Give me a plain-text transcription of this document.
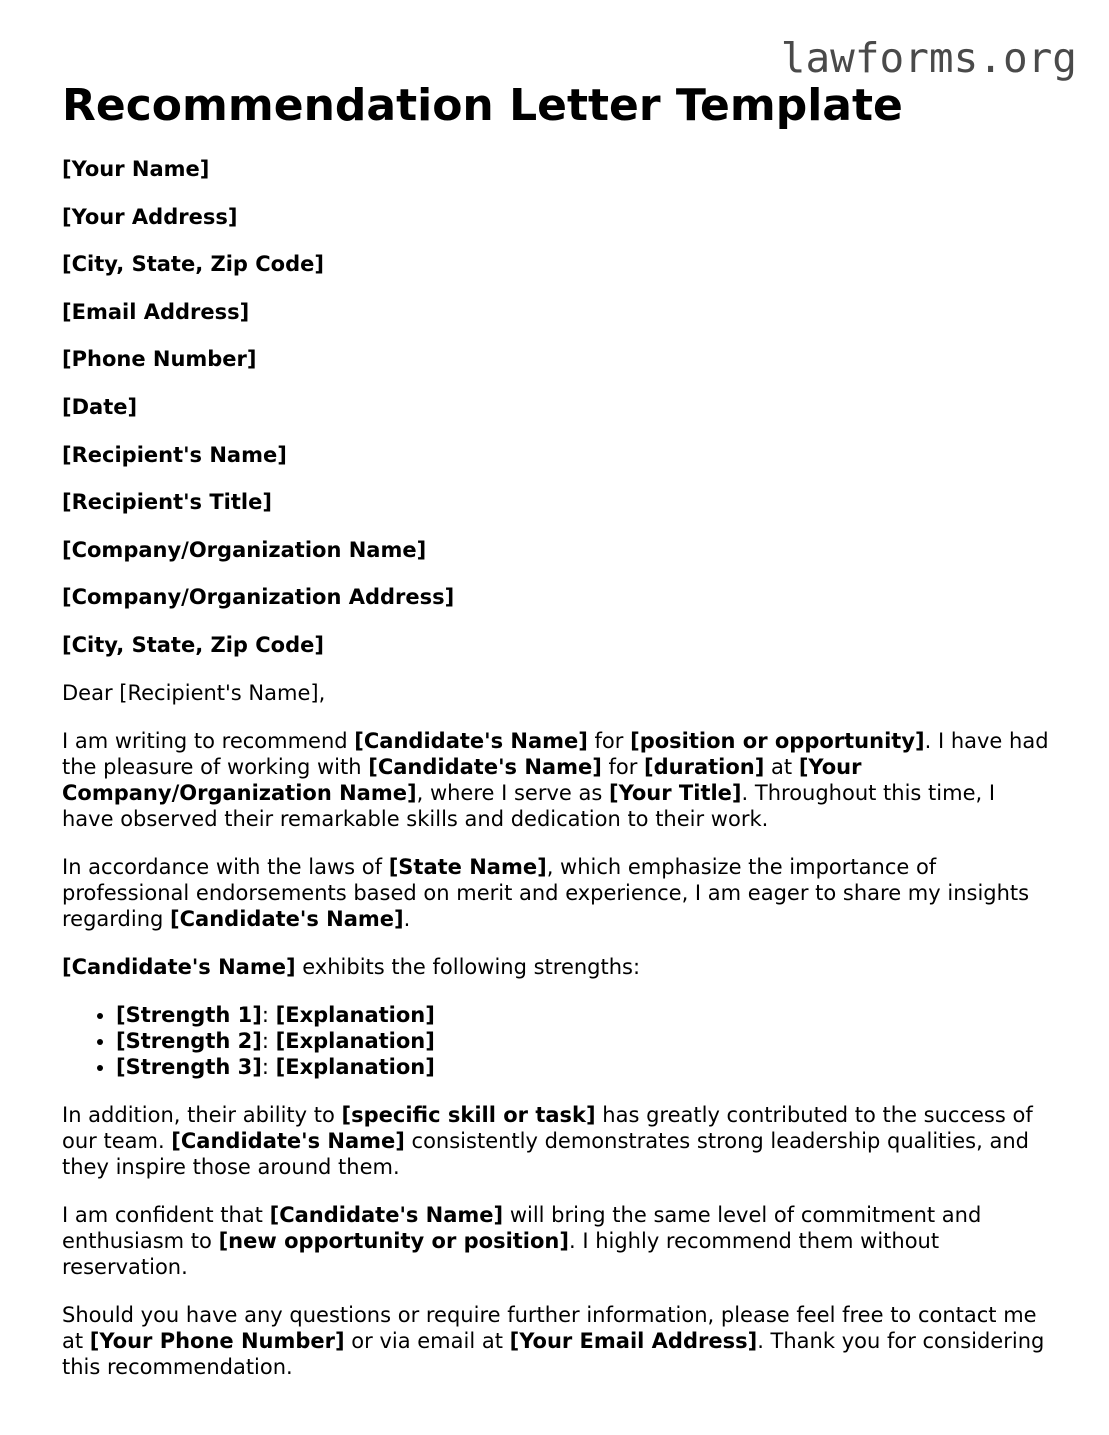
lawforms.org
Recommendation Letter Template
[Your Name]
[Your Address]
[City, State, Zip Code]
[Email Address]
[Phone Number]
[Date]
[Recipient's Name]
[Recipient's Title]
[Company/Organization Name]
[Company/Organization Address]
[City, State, Zip Code]

Dear [Recipient's Name],

I am writing to recommend [Candidate's Name] for [position or opportunity]. I have had the pleasure of working with [Candidate's Name] for [duration] at [Your Company/Organization Name], where I serve as [Your Title]. Throughout this time, I have observed their remarkable skills and dedication to their work.

In accordance with the laws of [State Name], which emphasize the importance of professional endorsements based on merit and experience, I am eager to share my insights regarding [Candidate's Name].

[Candidate's Name] exhibits the following strengths:

• [Strength 1]: [Explanation]
• [Strength 2]: [Explanation]
• [Strength 3]: [Explanation]

In addition, their ability to [specific skill or task] has greatly contributed to the success of our team. [Candidate's Name] consistently demonstrates strong leadership qualities, and they inspire those around them.

I am confident that [Candidate's Name] will bring the same level of commitment and enthusiasm to [new opportunity or position]. I highly recommend them without reservation.

Should you have any questions or require further information, please feel free to contact me at [Your Phone Number] or via email at [Your Email Address]. Thank you for considering this recommendation.
